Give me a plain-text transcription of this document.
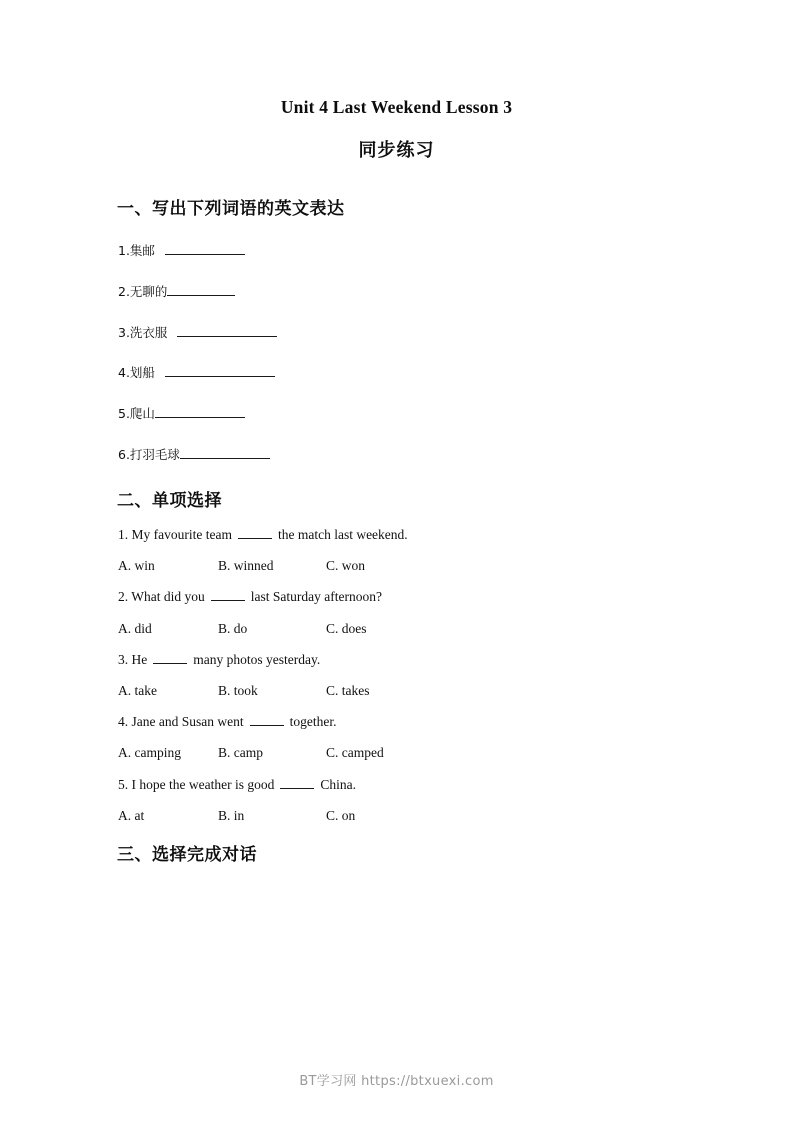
Unit 4 Last Weekend Lesson 3
同步练习
一、写出下列词语的英文表达
1.集邮
2.无聊的
3.洗衣服
4.划船
5.爬山
6.打羽毛球
二、单项选择
1. My favourite team	the match last weekend.
A. win	B. winned	C. won
2. What did you	last Saturday afternoon?
A. did	B. do	C. does
3. He	many photos yesterday.
A. take	B. took	C. takes
4. Jane and Susan went	together.
A. camping	B. camp	C. camped
5. I hope the weather is good	China.
A. at	B. in	C. on
三、选择完成对话
BT学习网 https://btxuexi.com
